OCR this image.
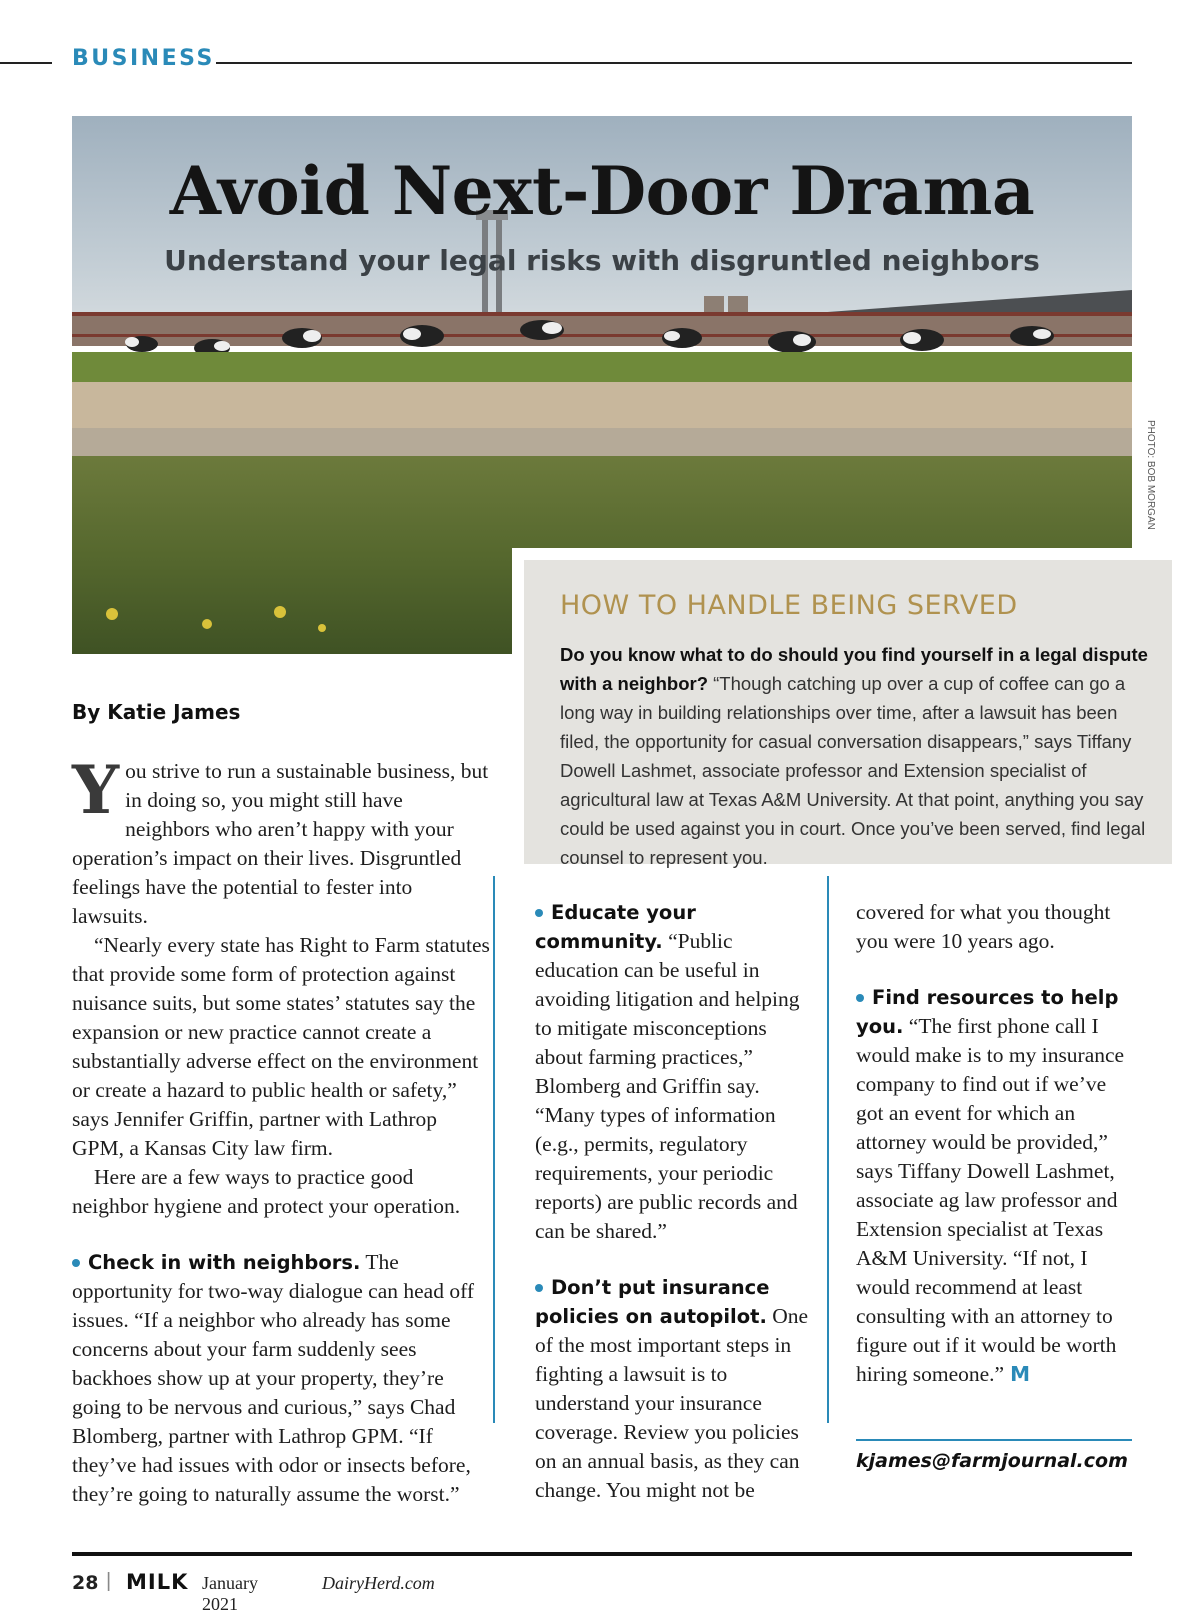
BUSINESS
Avoid Next-Door Drama
Understand your legal risks with disgruntled neighbors
PHOTO: BOB MORGAN
HOW TO HANDLE BEING SERVED
Do you know what to do should you find yourself in a legal dispute with a neighbor? “Though catching up over a cup of coffee can go a long way in building relationships over time, after a lawsuit has been filed, the opportunity for casual conversation disappears,” says Tiffany Dowell Lashmet, associate professor and Extension specialist of agricultural law at Texas A&M University. At that point, anything you say could be used against you in court. Once you’ve been served, find legal counsel to represent you.
By Katie James

You strive to run a sustainable business, but in doing so, you might still have neighbors who aren’t happy with your operation’s impact on their lives. Disgruntled feelings have the potential to fester into lawsuits.

“Nearly every state has Right to Farm statutes that provide some form of protection against nuisance suits, but some states’ statutes say the expansion or new practice cannot create a substantially adverse effect on the environment or create a hazard to public health or safety,” says Jennifer Griffin, partner with Lathrop GPM, a Kansas City law firm.

Here are a few ways to practice good neighbor hygiene and protect your operation.

Check in with neighbors. The opportunity for two-way dialogue can head off issues. “If a neighbor who already has some concerns about your farm suddenly sees backhoes show up at your property, they’re going to be nervous and curious,” says Chad Blomberg, partner with Lathrop GPM. “If they’ve had issues with odor or insects before, they’re going to naturally assume the worst.”

Educate your community. “Public education can be useful in avoiding litigation and helping to mitigate misconceptions about farming practices,” Blomberg and Griffin say. “Many types of information (e.g., permits, regulatory requirements, your periodic reports) are public records and can be shared.”

Don’t put insurance policies on autopilot. One of the most important steps in fighting a lawsuit is to understand your insurance coverage. Review you policies on an annual basis, as they can change. You might not be

covered for what you thought you were 10 years ago.

Find resources to help you. “The first phone call I would make is to my insurance company to find out if we’ve got an event for which an attorney would be provided,” says Tiffany Dowell Lashmet, associate ag law professor and Extension specialist at Texas A&M University. “If not, I would recommend at least consulting with an attorney to figure out if it would be worth hiring someone.” M

kjames@farmjournal.com
28 | MILK January 2021
DairyHerd.com
